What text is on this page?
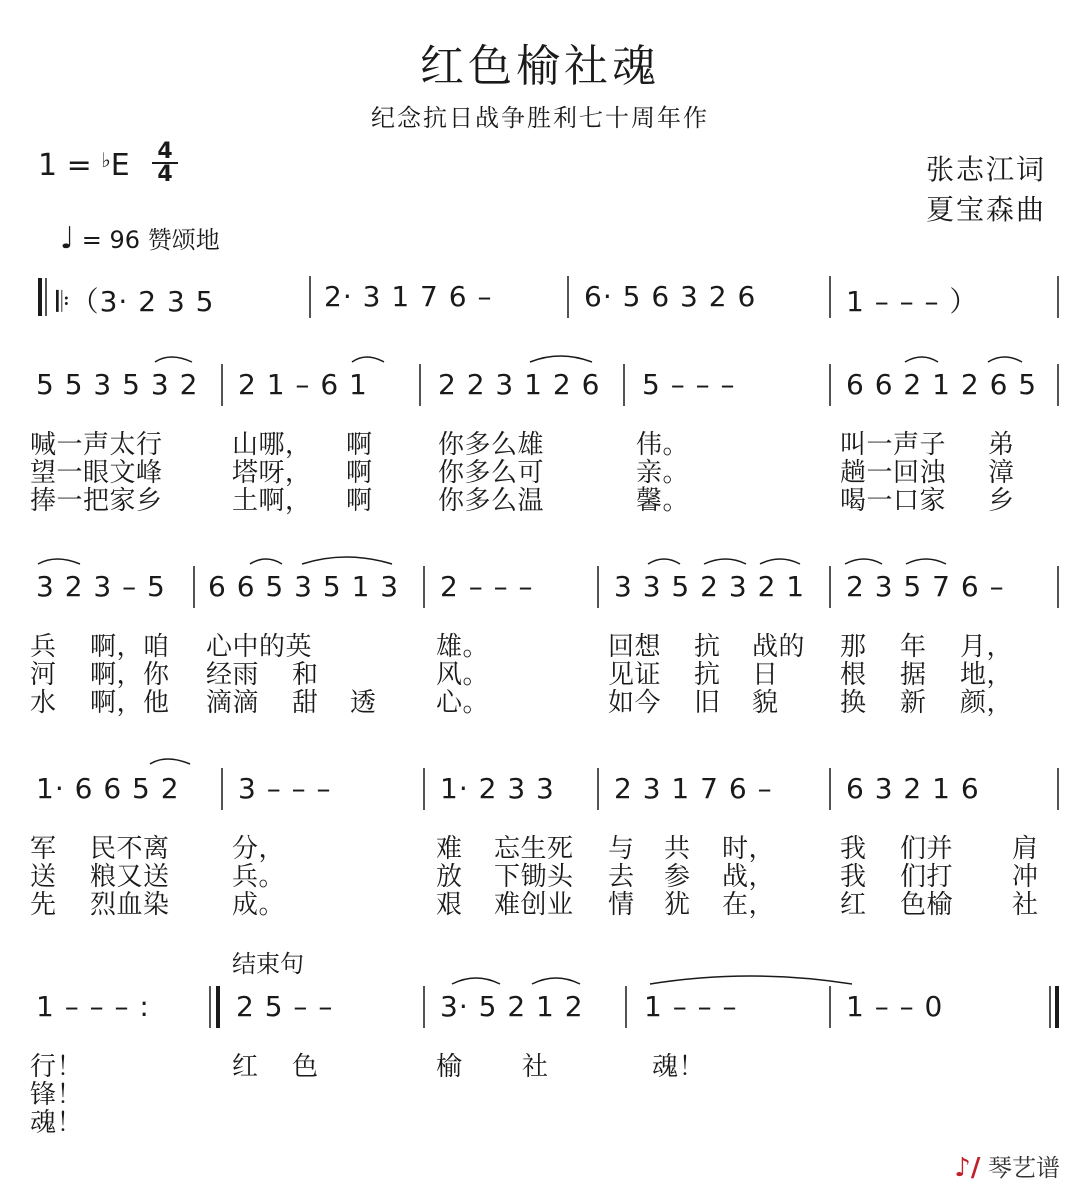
红色榆社魂
纪念抗日战争胜利七十周年作
1 = ♭E 4
4	张志江词
夏宝森曲
♩ = 96 赞颂地
𝄆（3· 2 3 5	2· 3 1 7 6 –	6· 5 6 3 2 6	1 – – – ）
5 5 3 5 3 2 2 1 – 6 1	2 2 3 1 2 6 5 – – –	6 6 2 1 2 6 5
喊一声太行	山哪， 啊	你多么雄	伟。	叫一声子 弟
望一眼文峰	塔呀， 啊	你多么可	亲。	趟一回浊 漳
捧一把家乡	土啊， 啊	你多么温	馨。	喝一口家 乡
3 2 3 – 5 6 6 5 3 5 1 3 2 – – –	3 3 5 2 3 2 1 2 3 5 7 6 –
兵 啊，咱 心中的英	雄。	回想 抗 战的 那 年 月，
河 啊，你 经雨 和	风。	见证 抗 日 根 据 地，
水 啊，他 滴滴 甜 透 心。	如今 旧 貌 换 新 颜，
1· 6 6 5 2 3 – – –	1· 2 3 3 2 3 1 7 6 –	6 3 2 1 6
军 民不离 分，	难 忘生死 与 共 时， 我 们并 肩
送 粮又送 兵。	放 下锄头 去 参 战， 我 们打 冲
先 烈血染 成。	艰 难创业 情 犹 在， 红 色榆 社
结束句
1 – – – :	2 5 – –	3· 5 2 1 2 1 – – –	1 – – 0
行！	红 色	榆 社	魂！
锋！
魂！
♪/ 琴艺谱
